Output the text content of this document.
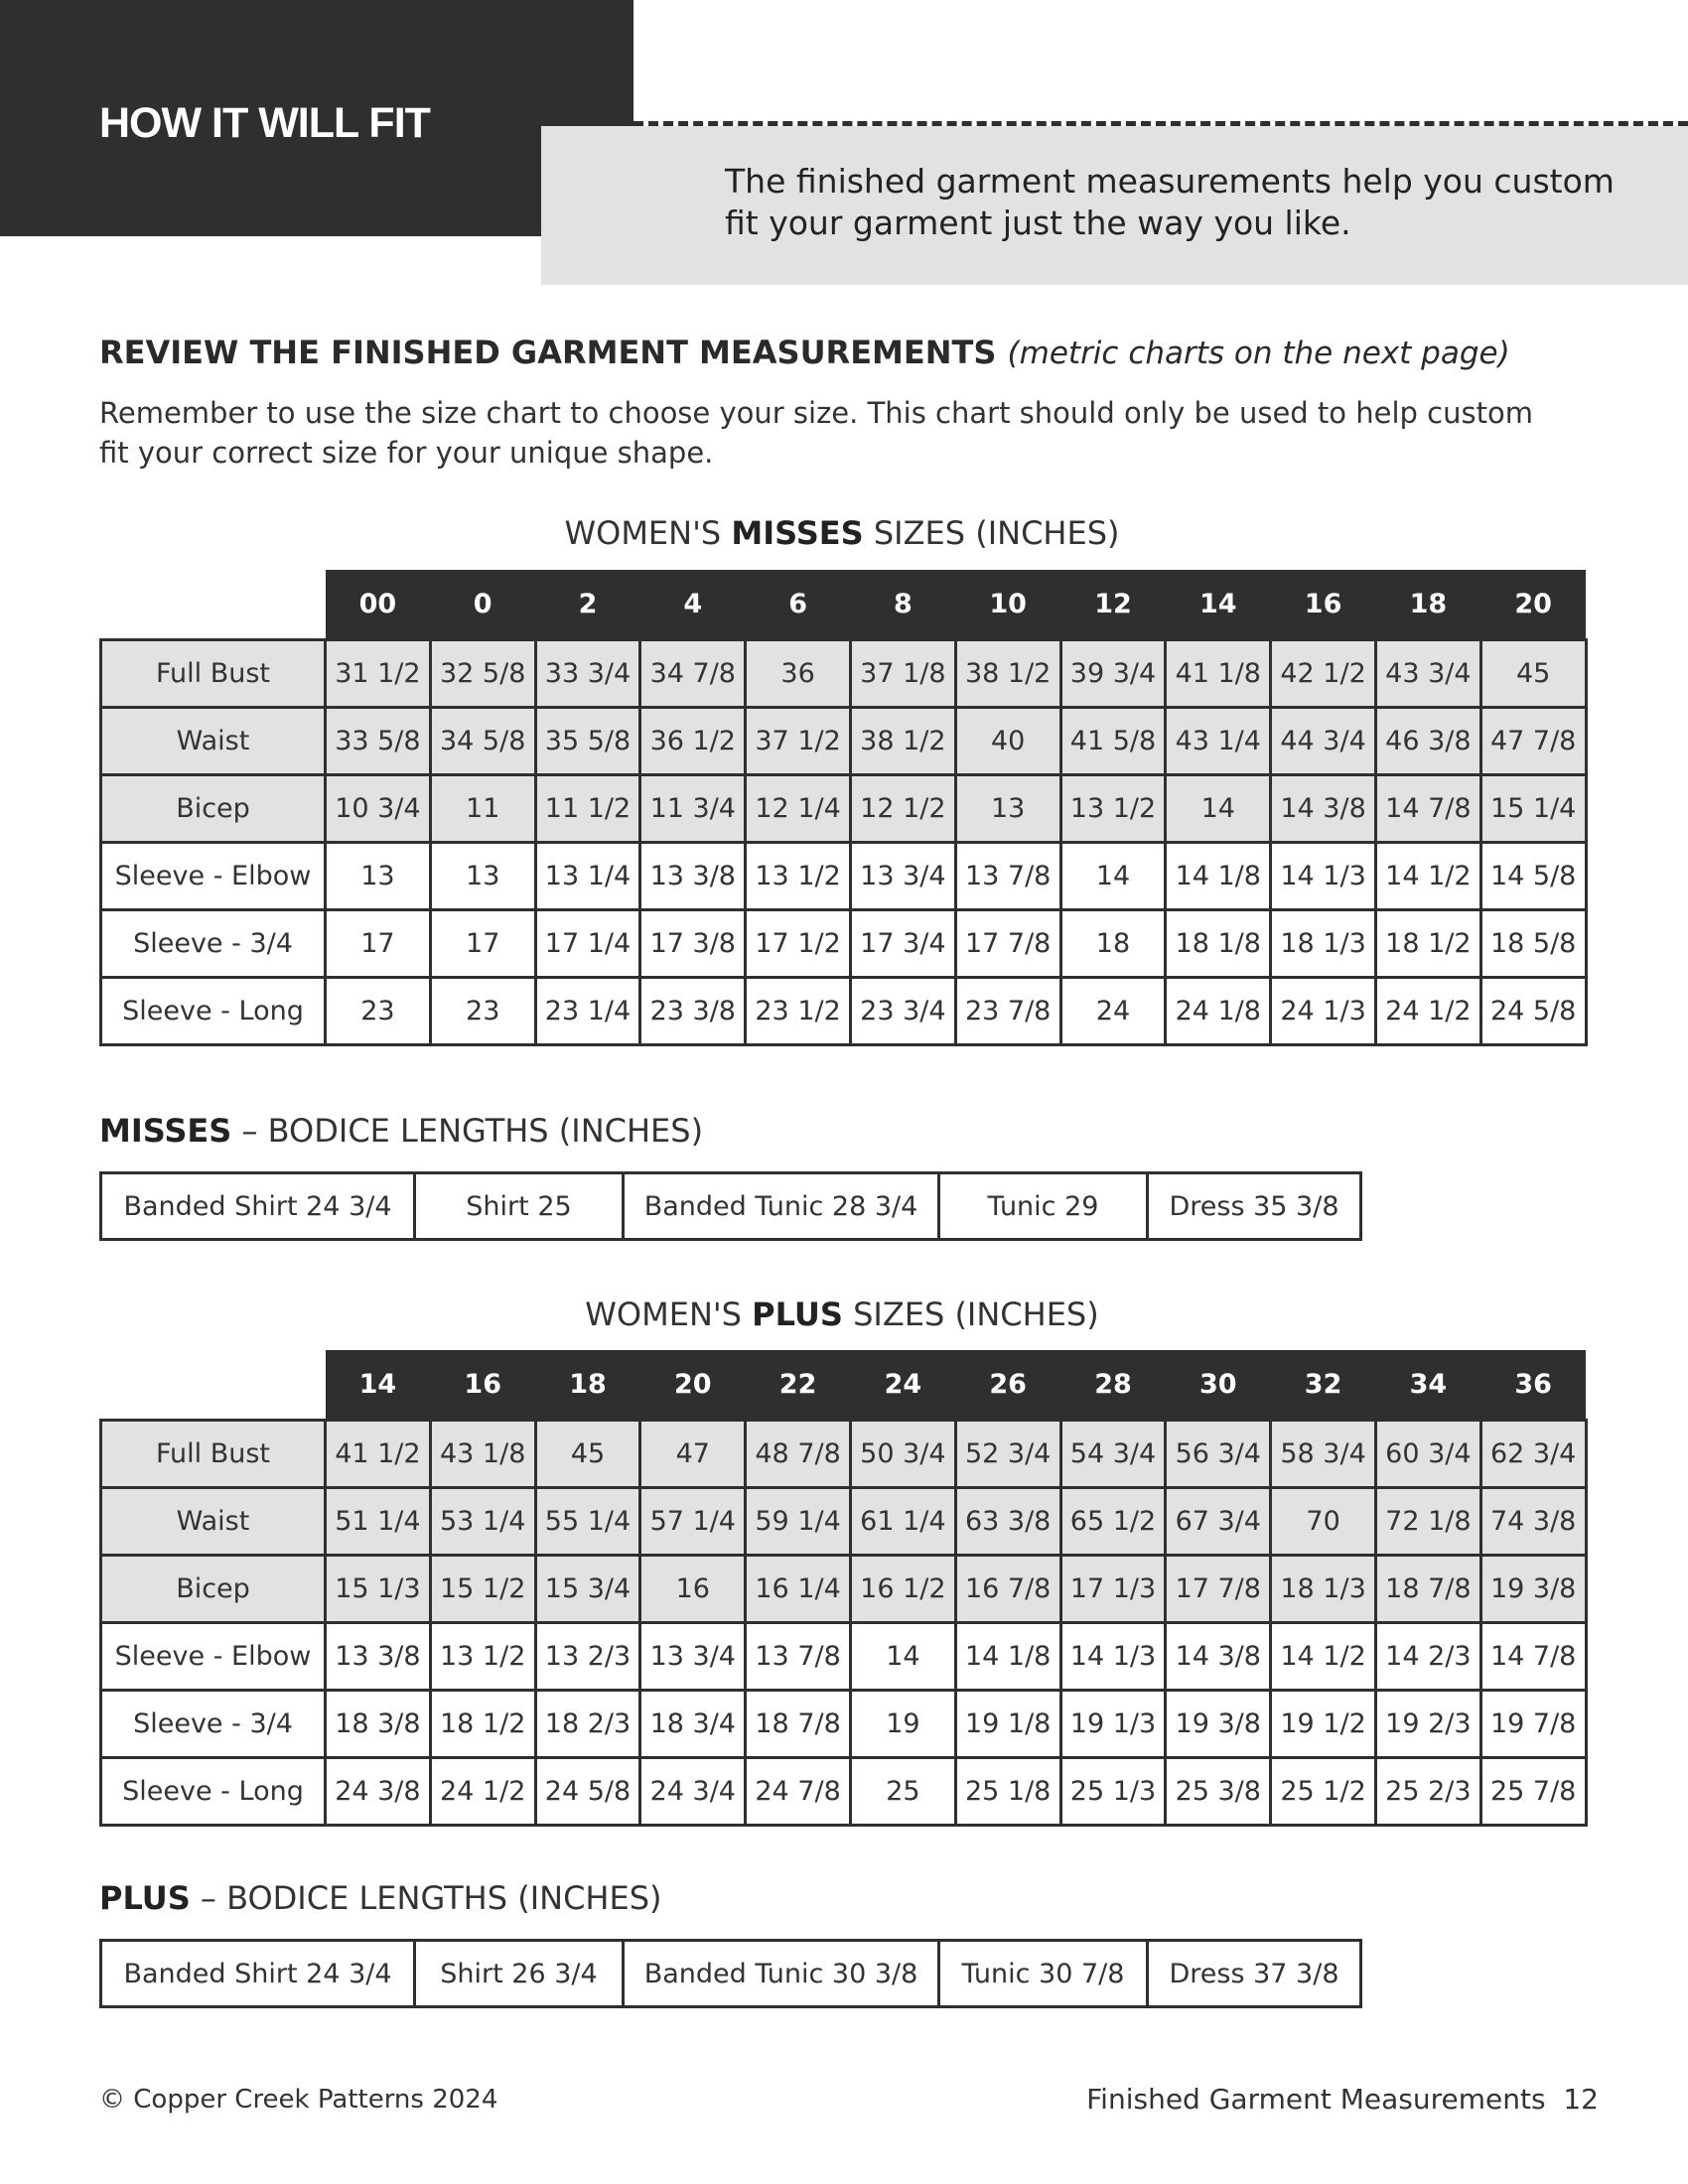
HOW IT WILL FIT
The finished garment measurements help you custom fit your garment just the way you like.
REVIEW THE FINISHED GARMENT MEASUREMENTS (metric charts on the next page)

Remember to use the size chart to choose your size. This chart should only be used to help custom fit your correct size for your unique shape.

WOMEN'S MISSES SIZES (INCHES)
	00	0	2	4	6	8	10	12	14	16	18	20
Full Bust	31 1/2	32 5/8	33 3/4	34 7/8	36	37 1/8	38 1/2	39 3/4	41 1/8	42 1/2	43 3/4	45
Waist	33 5/8	34 5/8	35 5/8	36 1/2	37 1/2	38 1/2	40	41 5/8	43 1/4	44 3/4	46 3/8	47 7/8
Bicep	10 3/4	11	11 1/2	11 3/4	12 1/4	12 1/2	13	13 1/2	14	14 3/8	14 7/8	15 1/4
Sleeve - Elbow	13	13	13 1/4	13 3/8	13 1/2	13 3/4	13 7/8	14	14 1/8	14 1/3	14 1/2	14 5/8
Sleeve - 3/4	17	17	17 1/4	17 3/8	17 1/2	17 3/4	17 7/8	18	18 1/8	18 1/3	18 1/2	18 5/8
Sleeve - Long	23	23	23 1/4	23 3/8	23 1/2	23 3/4	23 7/8	24	24 1/8	24 1/3	24 1/2	24 5/8
MISSES – BODICE LENGTHS (INCHES)
Banded Shirt 24 3/4	Shirt 25	Banded Tunic 28 3/4	Tunic 29	Dress 35 3/8
WOMEN'S PLUS SIZES (INCHES)
	14	16	18	20	22	24	26	28	30	32	34	36
Full Bust	41 1/2	43 1/8	45	47	48 7/8	50 3/4	52 3/4	54 3/4	56 3/4	58 3/4	60 3/4	62 3/4
Waist	51 1/4	53 1/4	55 1/4	57 1/4	59 1/4	61 1/4	63 3/8	65 1/2	67 3/4	70	72 1/8	74 3/8
Bicep	15 1/3	15 1/2	15 3/4	16	16 1/4	16 1/2	16 7/8	17 1/3	17 7/8	18 1/3	18 7/8	19 3/8
Sleeve - Elbow	13 3/8	13 1/2	13 2/3	13 3/4	13 7/8	14	14 1/8	14 1/3	14 3/8	14 1/2	14 2/3	14 7/8
Sleeve - 3/4	18 3/8	18 1/2	18 2/3	18 3/4	18 7/8	19	19 1/8	19 1/3	19 3/8	19 1/2	19 2/3	19 7/8
Sleeve - Long	24 3/8	24 1/2	24 5/8	24 3/4	24 7/8	25	25 1/8	25 1/3	25 3/8	25 1/2	25 2/3	25 7/8
PLUS – BODICE LENGTHS (INCHES)
Banded Shirt 24 3/4	Shirt 26 3/4	Banded Tunic 30 3/8	Tunic 30 7/8	Dress 37 3/8
© Copper Creek Patterns 2024	Finished Garment Measurements 12
